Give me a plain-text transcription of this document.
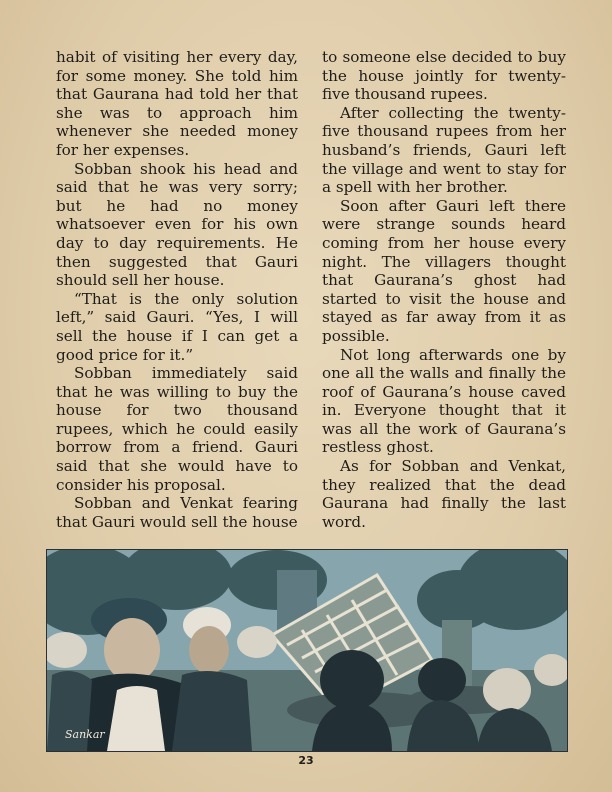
habit of visiting her every day, for some money. She told him that Gaurana had told her that she was to approach him whenever she needed money for her expenses.

Sobban shook his head and said that he was very sorry; but he had no money whatsoever even for his own day to day requirements. He then suggested that Gauri should sell her house.

“That is the only solution left,” said Gauri. “Yes, I will sell the house if I can get a good price for it.”

Sobban immediately said that he was willing to buy the house for two thousand rupees, which he could easily borrow from a friend. Gauri said that she would have to consider his proposal.

Sobban and Venkat fearing that Gauri would sell the house

to someone else decided to buy the house jointly for twenty-five thousand rupees.

After collecting the twenty-five thousand rupees from her husband’s friends, Gauri left the village and went to stay for a spell with her brother.

Soon after Gauri left there were strange sounds heard coming from her house every night. The villagers thought that Gaurana’s ghost had started to visit the house and stayed as far away from it as possible.

Not long afterwards one by one all the walls and finally the roof of Gaurana’s house caved in. Everyone thought that it was all the work of Gaurana’s restless ghost.

As for Sobban and Venkat, they realized that the dead Gaurana had finally the last word.

Sankar
23
